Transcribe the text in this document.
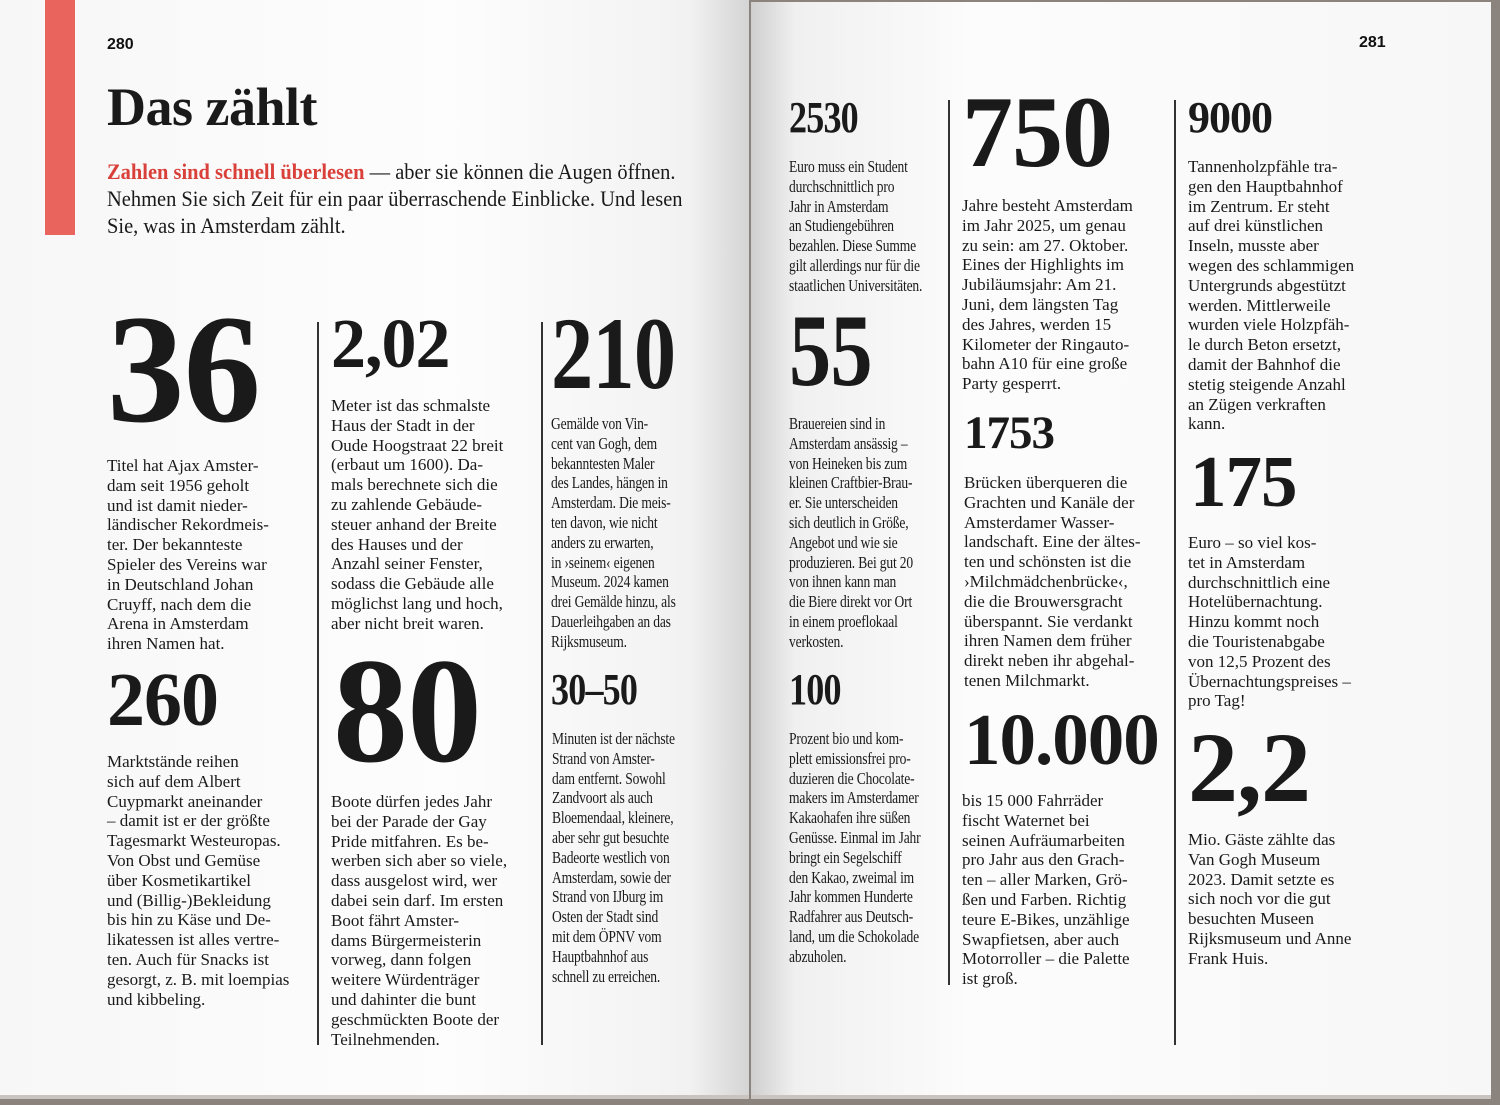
280	281
Das zählt
Zahlen sind schnell überlesen — aber sie können die Augen öffnen. Nehmen Sie sich Zeit für ein paar überraschende Einblicke. Und lesen Sie, was in Amsterdam zählt.
36
Titel hat Ajax Amster-
dam seit 1956 geholt
und ist damit nieder-
ländischer Rekordmeis-
ter. Der bekannteste
Spieler des Vereins war
in Deutschland Johan
Cruyff, nach dem die
Arena in Amsterdam
ihren Namen hat.
260
Marktstände reihen
sich auf dem Albert
Cuypmarkt aneinander
– damit ist er der größte
Tagesmarkt Westeuropas.
Von Obst und Gemüse
über Kosmetikartikel
und (Billig-)Bekleidung
bis hin zu Käse und De-
likatessen ist alles vertre-
ten. Auch für Snacks ist
gesorgt, z. B. mit loempias
und kibbeling.
2,02
Meter ist das schmalste
Haus der Stadt in der
Oude Hoogstraat 22 breit
(erbaut um 1600). Da-
mals berechnete sich die
zu zahlende Gebäude-
steuer anhand der Breite
des Hauses und der
Anzahl seiner Fenster,
sodass die Gebäude alle
möglichst lang und hoch,
aber nicht breit waren.
80
Boote dürfen jedes Jahr
bei der Parade der Gay
Pride mitfahren. Es be-
werben sich aber so viele,
dass ausgelost wird, wer
dabei sein darf. Im ersten
Boot fährt Amster-
dams Bürgermeisterin
vorweg, dann folgen
weitere Würdenträger
und dahinter die bunt
geschmückten Boote der
Teilnehmenden.
210
Gemälde von Vin-
cent van Gogh, dem
bekanntesten Maler
des Landes, hängen in
Amsterdam. Die meis-
ten davon, wie nicht
anders zu erwarten,
in ›seinem‹ eigenen
Museum. 2024 kamen
drei Gemälde hinzu, als
Dauerleihgaben an das
Rijksmuseum.
30–50
Minuten ist der nächste
Strand von Amster-
dam entfernt. Sowohl
Zandvoort als auch
Bloemendaal, kleinere,
aber sehr gut besuchte
Badeorte westlich von
Amsterdam, sowie der
Strand von IJburg im
Osten der Stadt sind
mit dem ÖPNV vom
Hauptbahnhof aus
schnell zu erreichen.
2530
Euro muss ein Student
durchschnittlich pro
Jahr in Amsterdam
an Studiengebühren
bezahlen. Diese Summe
gilt allerdings nur für die
staatlichen Universitäten.
55
Brauereien sind in
Amsterdam ansässig –
von Heineken bis zum
kleinen Craftbier-Brau-
er. Sie unterscheiden
sich deutlich in Größe,
Angebot und wie sie
produzieren. Bei gut 20
von ihnen kann man
die Biere direkt vor Ort
in einem proeflokaal
verkosten.
100
Prozent bio und kom-
plett emissionsfrei pro-
duzieren die Chocolate-
makers im Amsterdamer
Kakaohafen ihre süßen
Genüsse. Einmal im Jahr
bringt ein Segelschiff
den Kakao, zweimal im
Jahr kommen Hunderte
Radfahrer aus Deutsch-
land, um die Schokolade
abzuholen.
750
Jahre besteht Amsterdam
im Jahr 2025, um genau
zu sein: am 27. Oktober.
Eines der Highlights im
Jubiläumsjahr: Am 21.
Juni, dem längsten Tag
des Jahres, werden 15
Kilometer der Ringauto-
bahn A10 für eine große
Party gesperrt.
1753
Brücken überqueren die
Grachten und Kanäle der
Amsterdamer Wasser-
landschaft. Eine der ältes-
ten und schönsten ist die
›Milchmädchenbrücke‹,
die die Brouwersgracht
überspannt. Sie verdankt
ihren Namen dem früher
direkt neben ihr abgehal-
tenen Milchmarkt.
10.000
bis 15 000 Fahrräder
fischt Waternet bei
seinen Aufräumarbeiten
pro Jahr aus den Grach-
ten – aller Marken, Grö-
ßen und Farben. Richtig
teure E-Bikes, unzählige
Swapfietsen, aber auch
Motorroller – die Palette
ist groß.
9000
Tannenholzpfähle tra-
gen den Hauptbahnhof
im Zentrum. Er steht
auf drei künstlichen
Inseln, musste aber
wegen des schlammigen
Untergrunds abgestützt
werden. Mittlerweile
wurden viele Holzpfäh-
le durch Beton ersetzt,
damit der Bahnhof die
stetig steigende Anzahl
an Zügen verkraften
kann.
175
Euro – so viel kos-
tet in Amsterdam
durchschnittlich eine
Hotelübernachtung.
Hinzu kommt noch
die Touristenabgabe
von 12,5 Prozent des
Übernachtungspreises –
pro Tag!
2,2
Mio. Gäste zählte das
Van Gogh Museum
2023. Damit setzte es
sich noch vor die gut
besuchten Museen
Rijksmuseum und Anne
Frank Huis.
